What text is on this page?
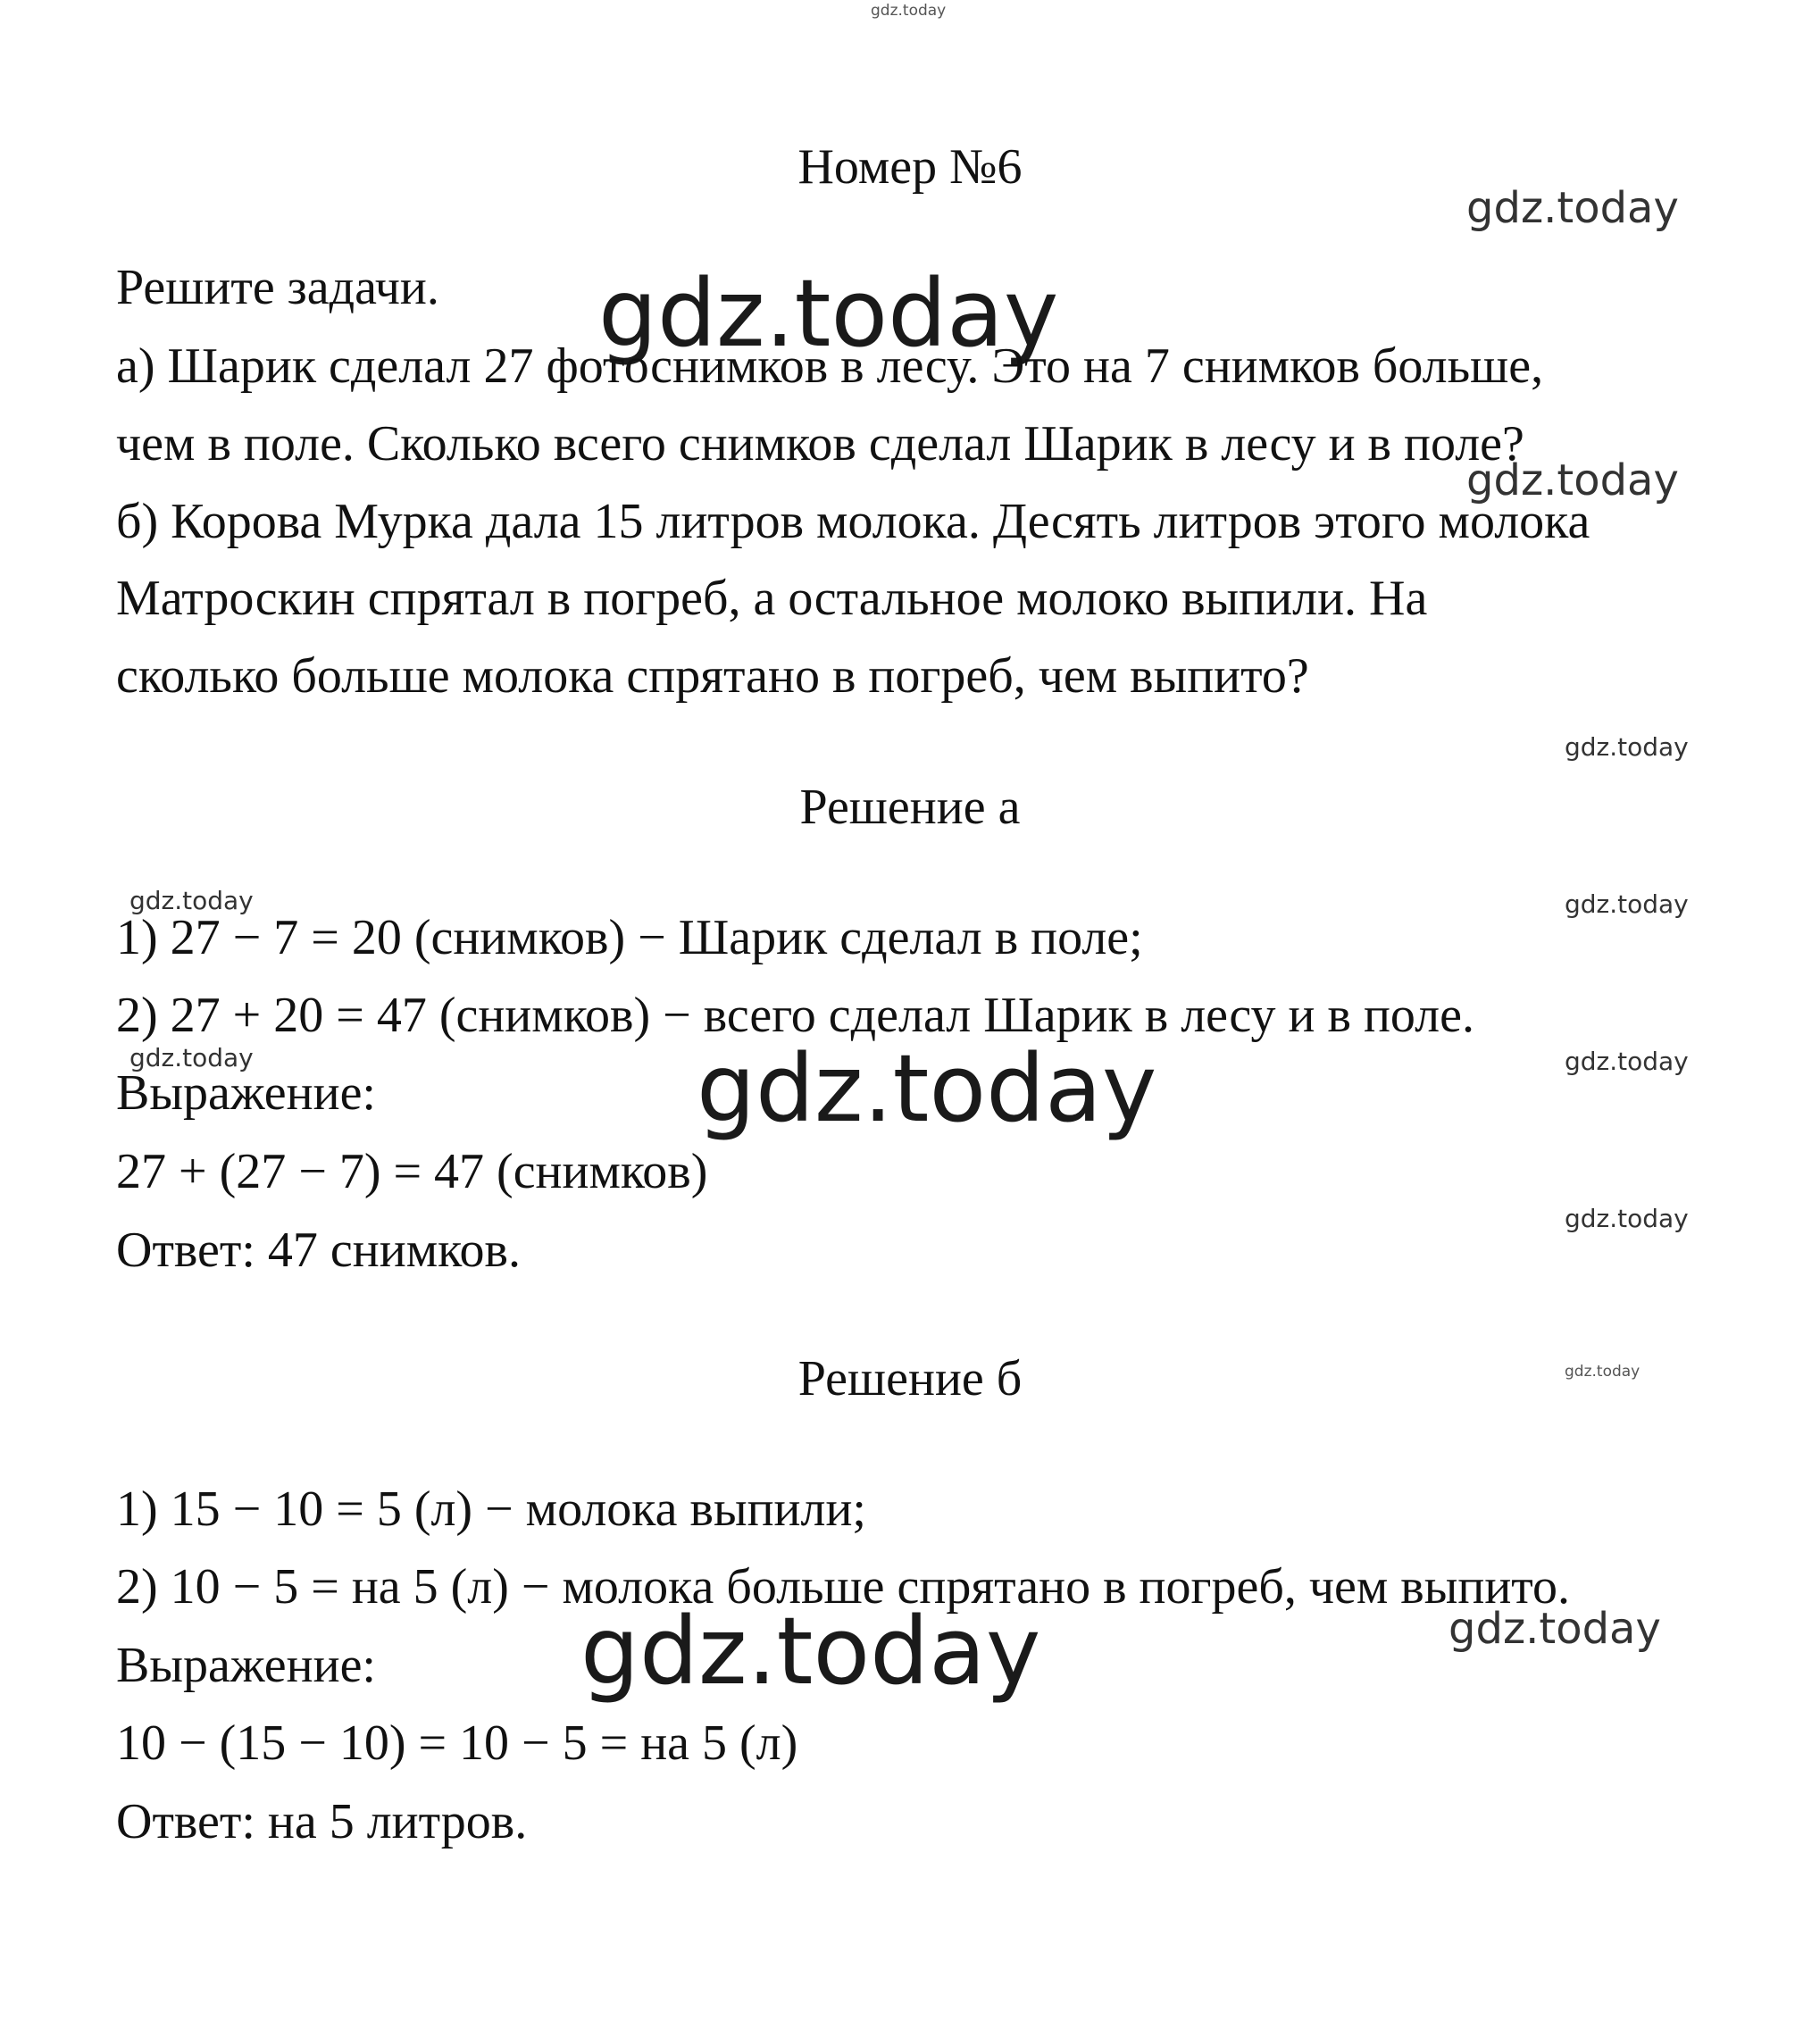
gdz.today
gdz.today
gdz.today
gdz.today
gdz.today
gdz.today	gdz.today
gdz.today	gdz.today
gdz.today
gdz.today
gdz.today
gdz.today	gdz.today
Номер №6
Решите задачи.
а) Шарик сделал 27 фотоснимков в лесу. Это на 7 снимков больше,
чем в поле. Сколько всего снимков сделал Шарик в лесу и в поле?
б) Корова Мурка дала 15 литров молока. Десять литров этого молока
Матроскин спрятал в погреб, а остальное молоко выпили. На
сколько больше молока спрятано в погреб, чем выпито?
Решение а
1) 27 − 7 = 20 (снимков) − Шарик сделал в поле;
2) 27 + 20 = 47 (снимков) − всего сделал Шарик в лесу и в поле.
Выражение:
27 + (27 − 7) = 47 (снимков)
Ответ: 47 снимков.
Решение б
1) 15 − 10 = 5 (л) − молока выпили;
2) 10 − 5 = на 5 (л) − молока больше спрятано в погреб, чем выпито.
Выражение:
10 − (15 − 10) = 10 − 5 = на 5 (л)
Ответ: на 5 литров.
